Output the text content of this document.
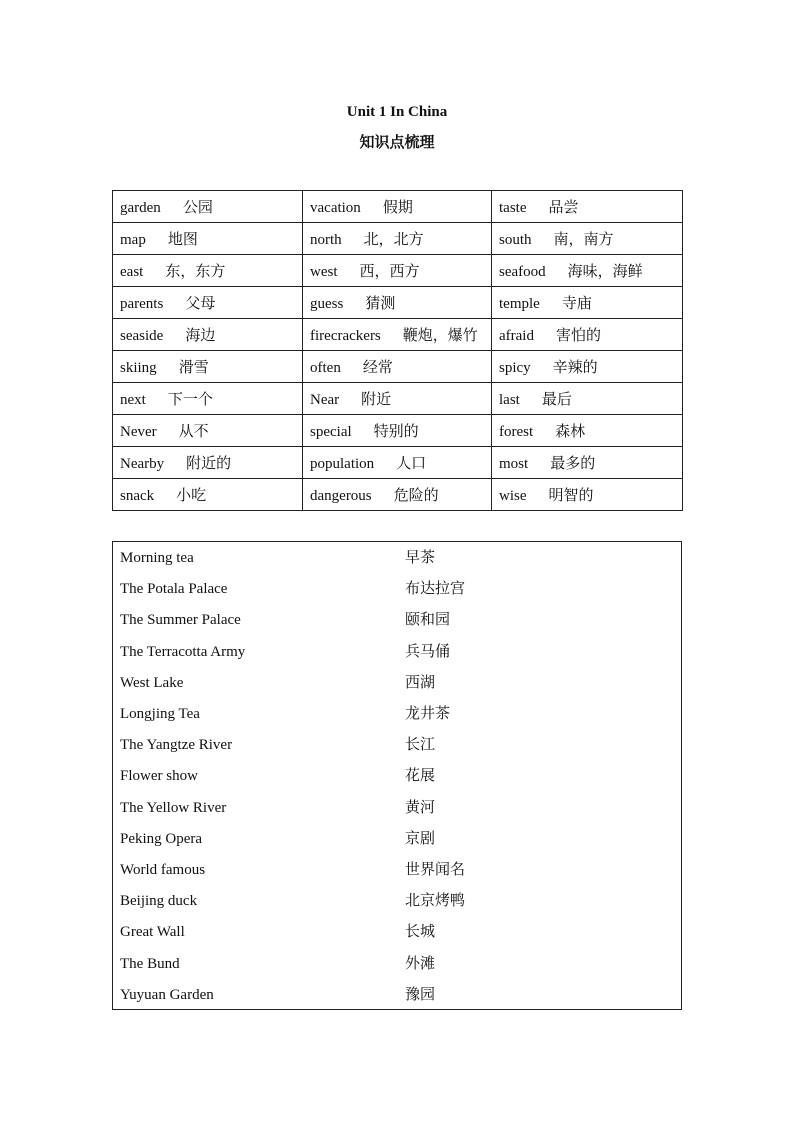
Unit 1 In China
知识点梳理
garden 公园	vacation 假期	taste 品尝
map 地图	north 北，北方	south 南，南方
east 东，东方	west 西，西方	seafood 海味，海鲜
parents 父母	guess 猜测	temple 寺庙
seaside 海边	firecrackers 鞭炮，爆竹	afraid 害怕的
skiing 滑雪	often 经常	spicy 辛辣的
next 下一个	Near 附近	last 最后
Never 从不	special 特别的	forest 森林
Nearby 附近的	population 人口	most 最多的
snack 小吃	dangerous 危险的	wise 明智的
Morning tea	早茶
The Potala Palace	布达拉宫
The Summer Palace	颐和园
The Terracotta Army	兵马俑
West Lake	西湖
Longjing Tea	龙井茶
The Yangtze River	长江
Flower show	花展
The Yellow River	黄河
Peking Opera	京剧
World famous	世界闻名
Beijing duck	北京烤鸭
Great Wall	长城
The Bund	外滩
Yuyuan Garden	豫园
